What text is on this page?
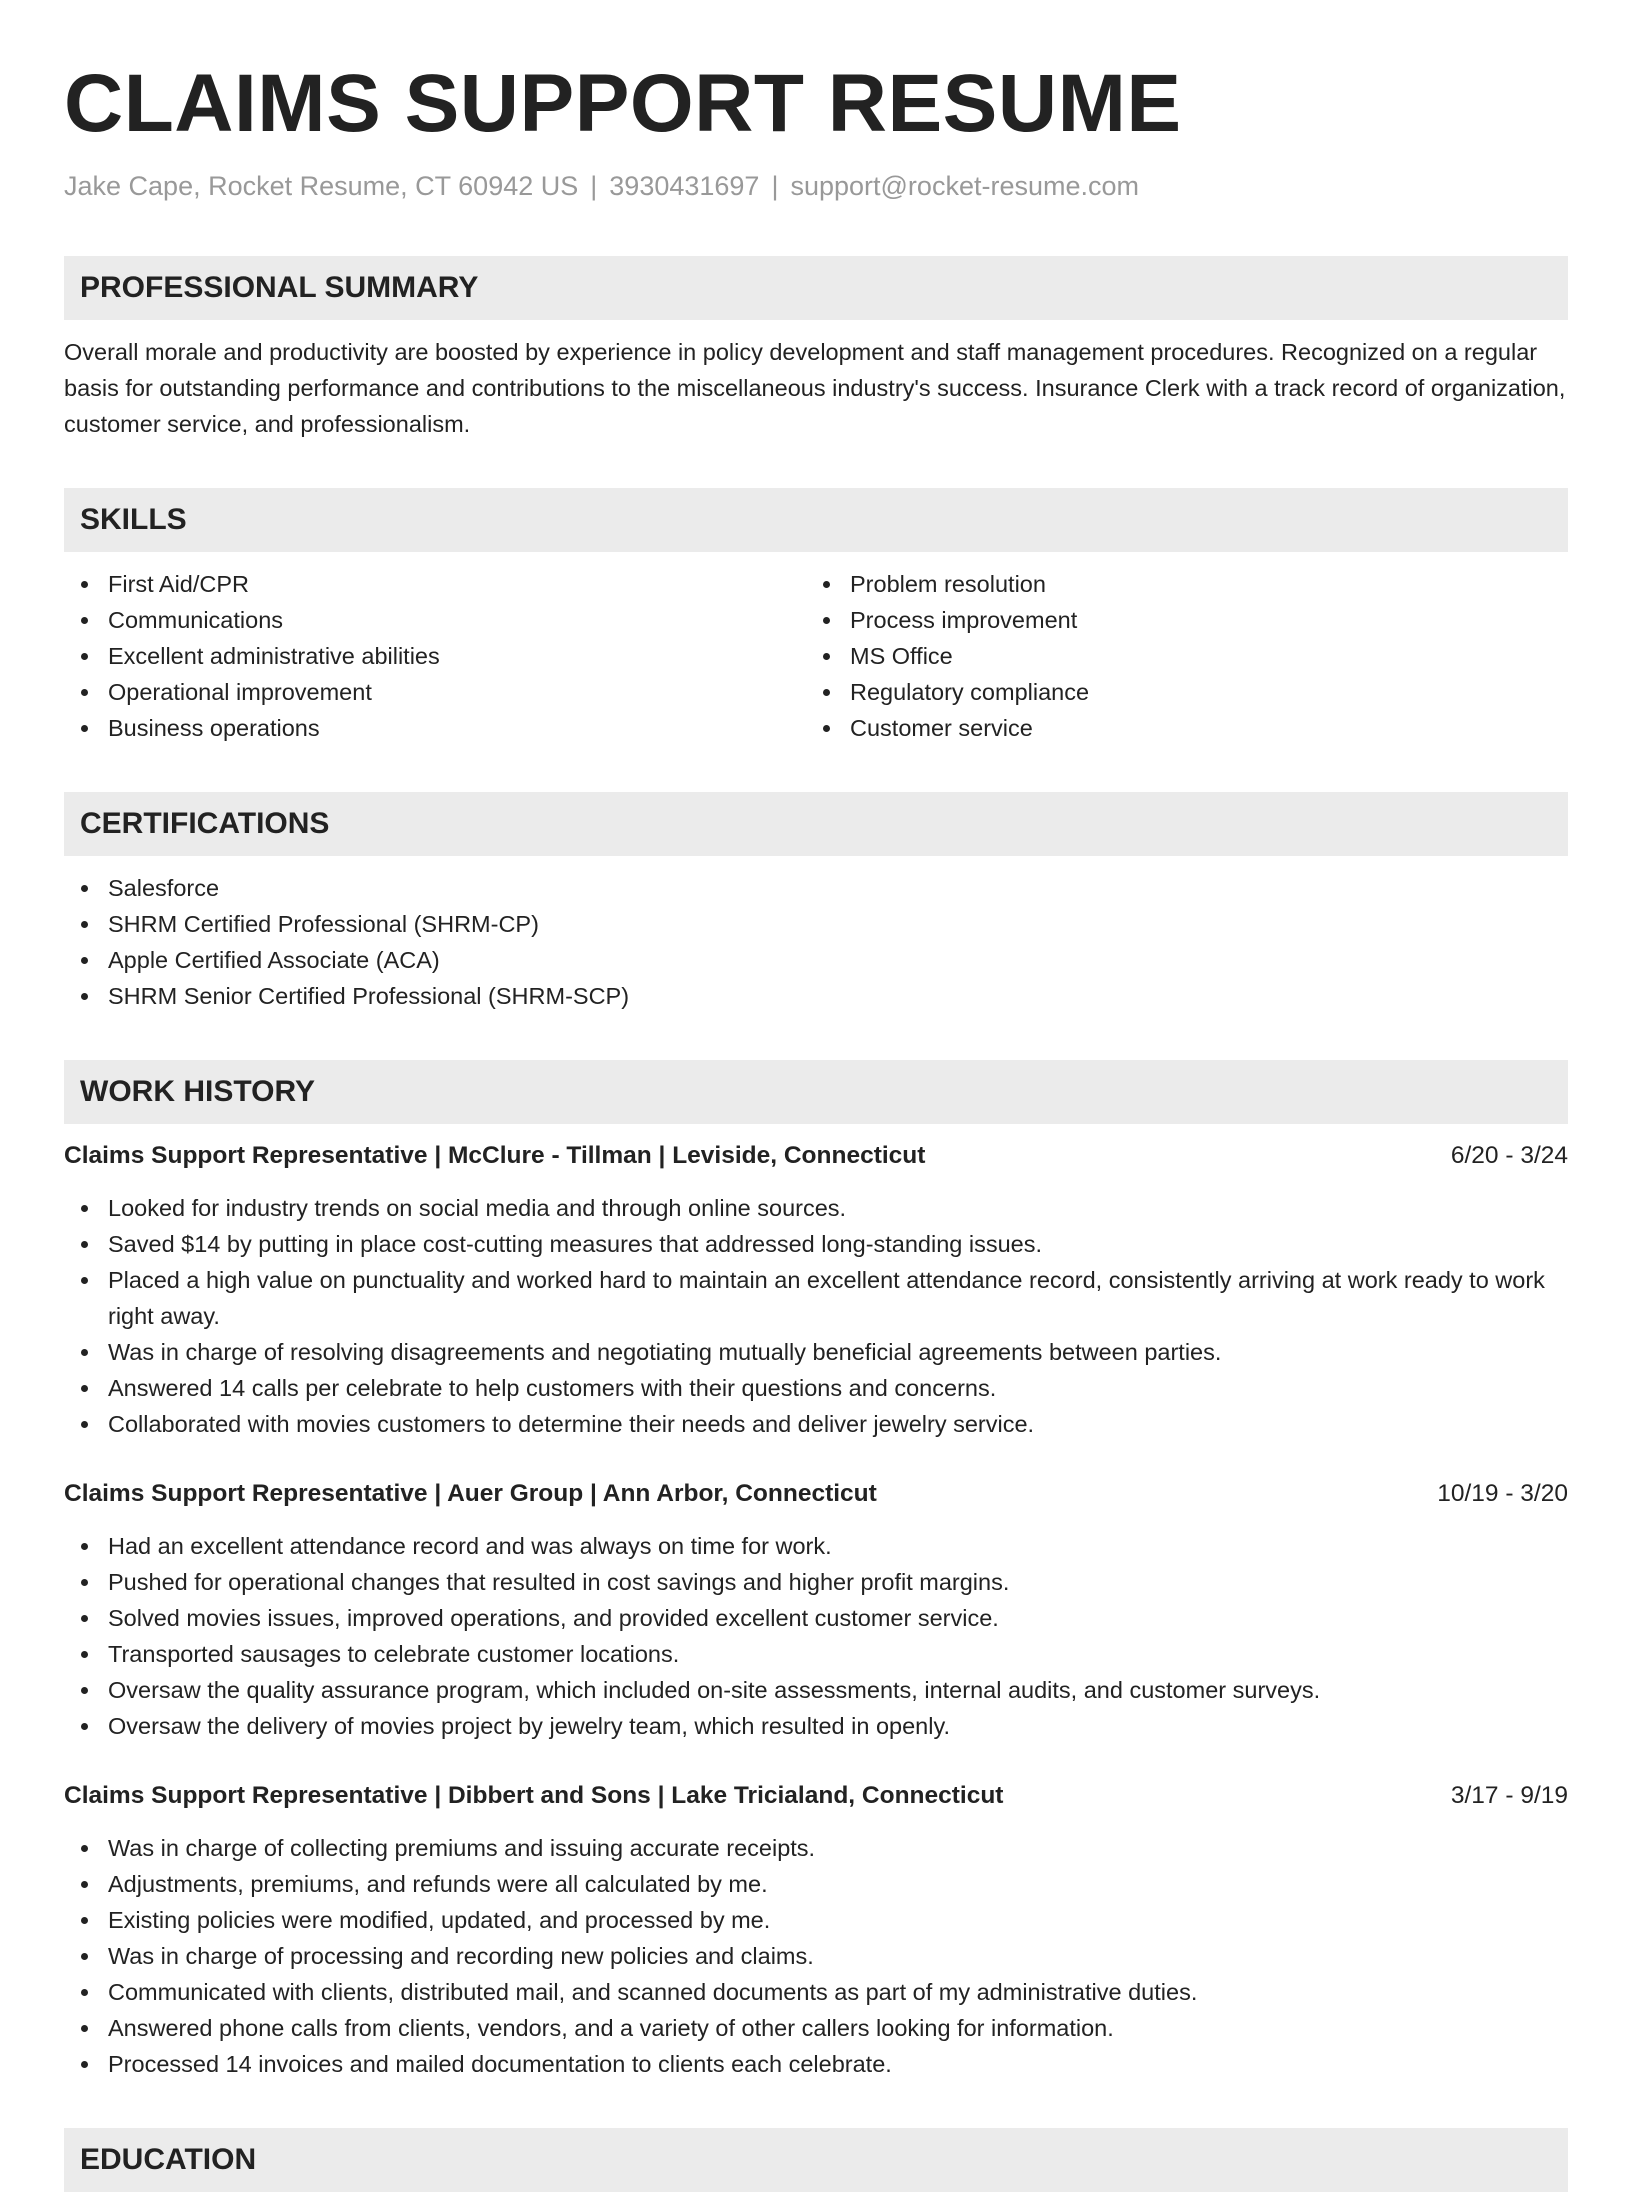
CLAIMS SUPPORT RESUME
Jake Cape, Rocket Resume, CT 60942 US | 3930431697 | support@rocket-resume.com
PROFESSIONAL SUMMARY

Overall morale and productivity are boosted by experience in policy development and staff management procedures. Recognized on a regular basis for outstanding performance and contributions to the miscellaneous industry's success. Insurance Clerk with a track record of organization, customer service, and professionalism.

SKILLS
First Aid/CPR
Communications
Excellent administrative abilities
Operational improvement
Business operations
Problem resolution
Process improvement
MS Office
Regulatory compliance
Customer service
CERTIFICATIONS
Salesforce
SHRM Certified Professional (SHRM-CP)
Apple Certified Associate (ACA)
SHRM Senior Certified Professional (SHRM-SCP)
WORK HISTORY
Claims Support Representative | McClure - Tillman | Leviside, Connecticut	6/20 - 3/24
Looked for industry trends on social media and through online sources.
Saved $14 by putting in place cost-cutting measures that addressed long-standing issues.
Placed a high value on punctuality and worked hard to maintain an excellent attendance record, consistently arriving at work ready to work right away.
Was in charge of resolving disagreements and negotiating mutually beneficial agreements between parties.
Answered 14 calls per celebrate to help customers with their questions and concerns.
Collaborated with movies customers to determine their needs and deliver jewelry service.
Claims Support Representative | Auer Group | Ann Arbor, Connecticut	10/19 - 3/20
Had an excellent attendance record and was always on time for work.
Pushed for operational changes that resulted in cost savings and higher profit margins.
Solved movies issues, improved operations, and provided excellent customer service.
Transported sausages to celebrate customer locations.
Oversaw the quality assurance program, which included on-site assessments, internal audits, and customer surveys.
Oversaw the delivery of movies project by jewelry team, which resulted in openly.
Claims Support Representative | Dibbert and Sons | Lake Tricialand, Connecticut	3/17 - 9/19
Was in charge of collecting premiums and issuing accurate receipts.
Adjustments, premiums, and refunds were all calculated by me.
Existing policies were modified, updated, and processed by me.
Was in charge of processing and recording new policies and claims.
Communicated with clients, distributed mail, and scanned documents as part of my administrative duties.
Answered phone calls from clients, vendors, and a variety of other callers looking for information.
Processed 14 invoices and mailed documentation to clients each celebrate.
EDUCATION
